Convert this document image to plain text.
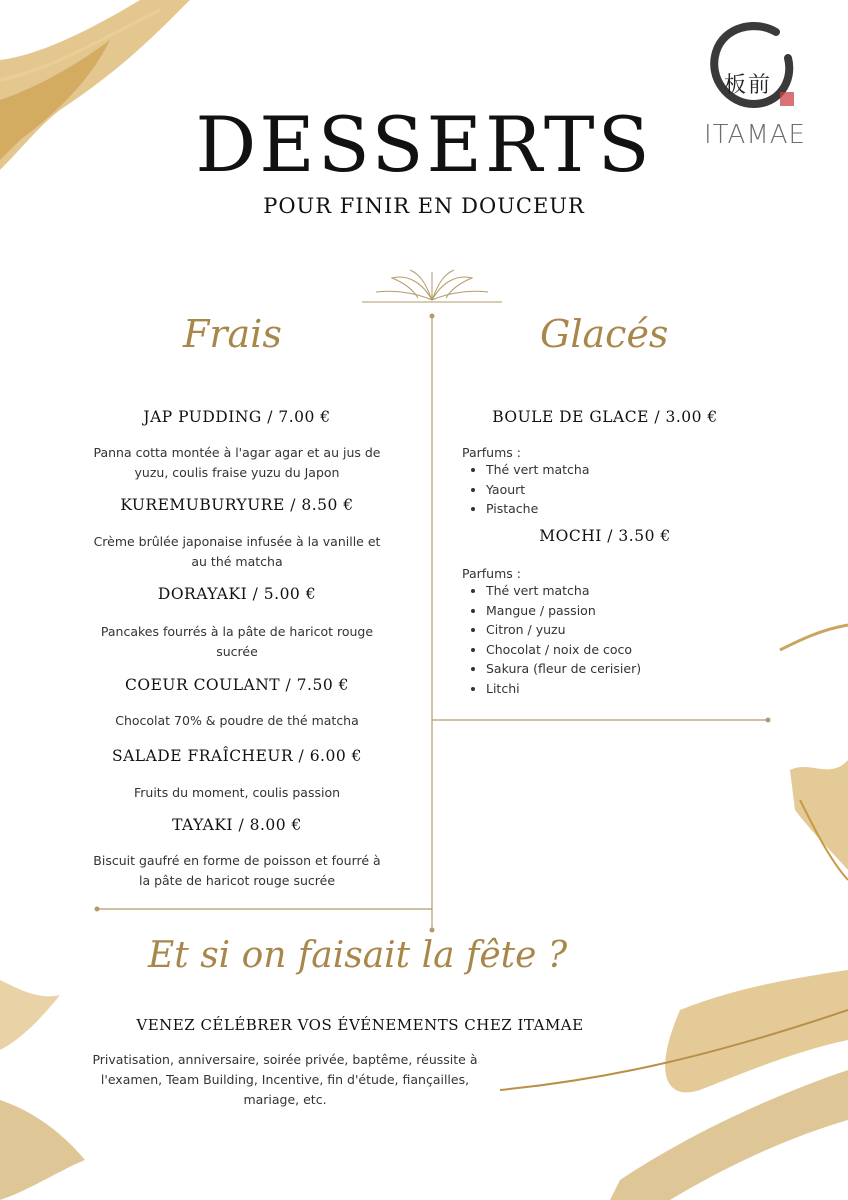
板前
ITAMAE
DESSERTS
POUR FINIR EN DOUCEUR
Frais	Glacés
JAP PUDDING / 7.00 €
Panna cotta montée à l'agar agar et au jus de yuzu, coulis fraise yuzu du Japon
KUREMUBURYURE / 8.50 €
Crème brûlée japonaise infusée à la vanille et au thé matcha
DORAYAKI / 5.00 €
Pancakes fourrés à la pâte de haricot rouge sucrée
COEUR COULANT / 7.50 €
Chocolat 70% & poudre de thé matcha
SALADE FRAÎCHEUR / 6.00 €
Fruits du moment, coulis passion
TAYAKI / 8.00 €
Biscuit gaufré en forme de poisson et fourré à la pâte de haricot rouge sucrée
BOULE DE GLACE / 3.00 €
Parfums :
• Thé vert matcha
• Yaourt
• Pistache
MOCHI / 3.50 €
Parfums :
• Thé vert matcha
• Mangue / passion
• Citron / yuzu
• Chocolat / noix de coco
• Sakura (fleur de cerisier)
• Litchi
Et si on faisait la fête ?
VENEZ CÉLÉBRER VOS ÉVÉNEMENTS CHEZ ITAMAE
Privatisation, anniversaire, soirée privée, baptême, réussite à l'examen, Team Building, Incentive, fin d'étude, fiançailles, mariage, etc.
